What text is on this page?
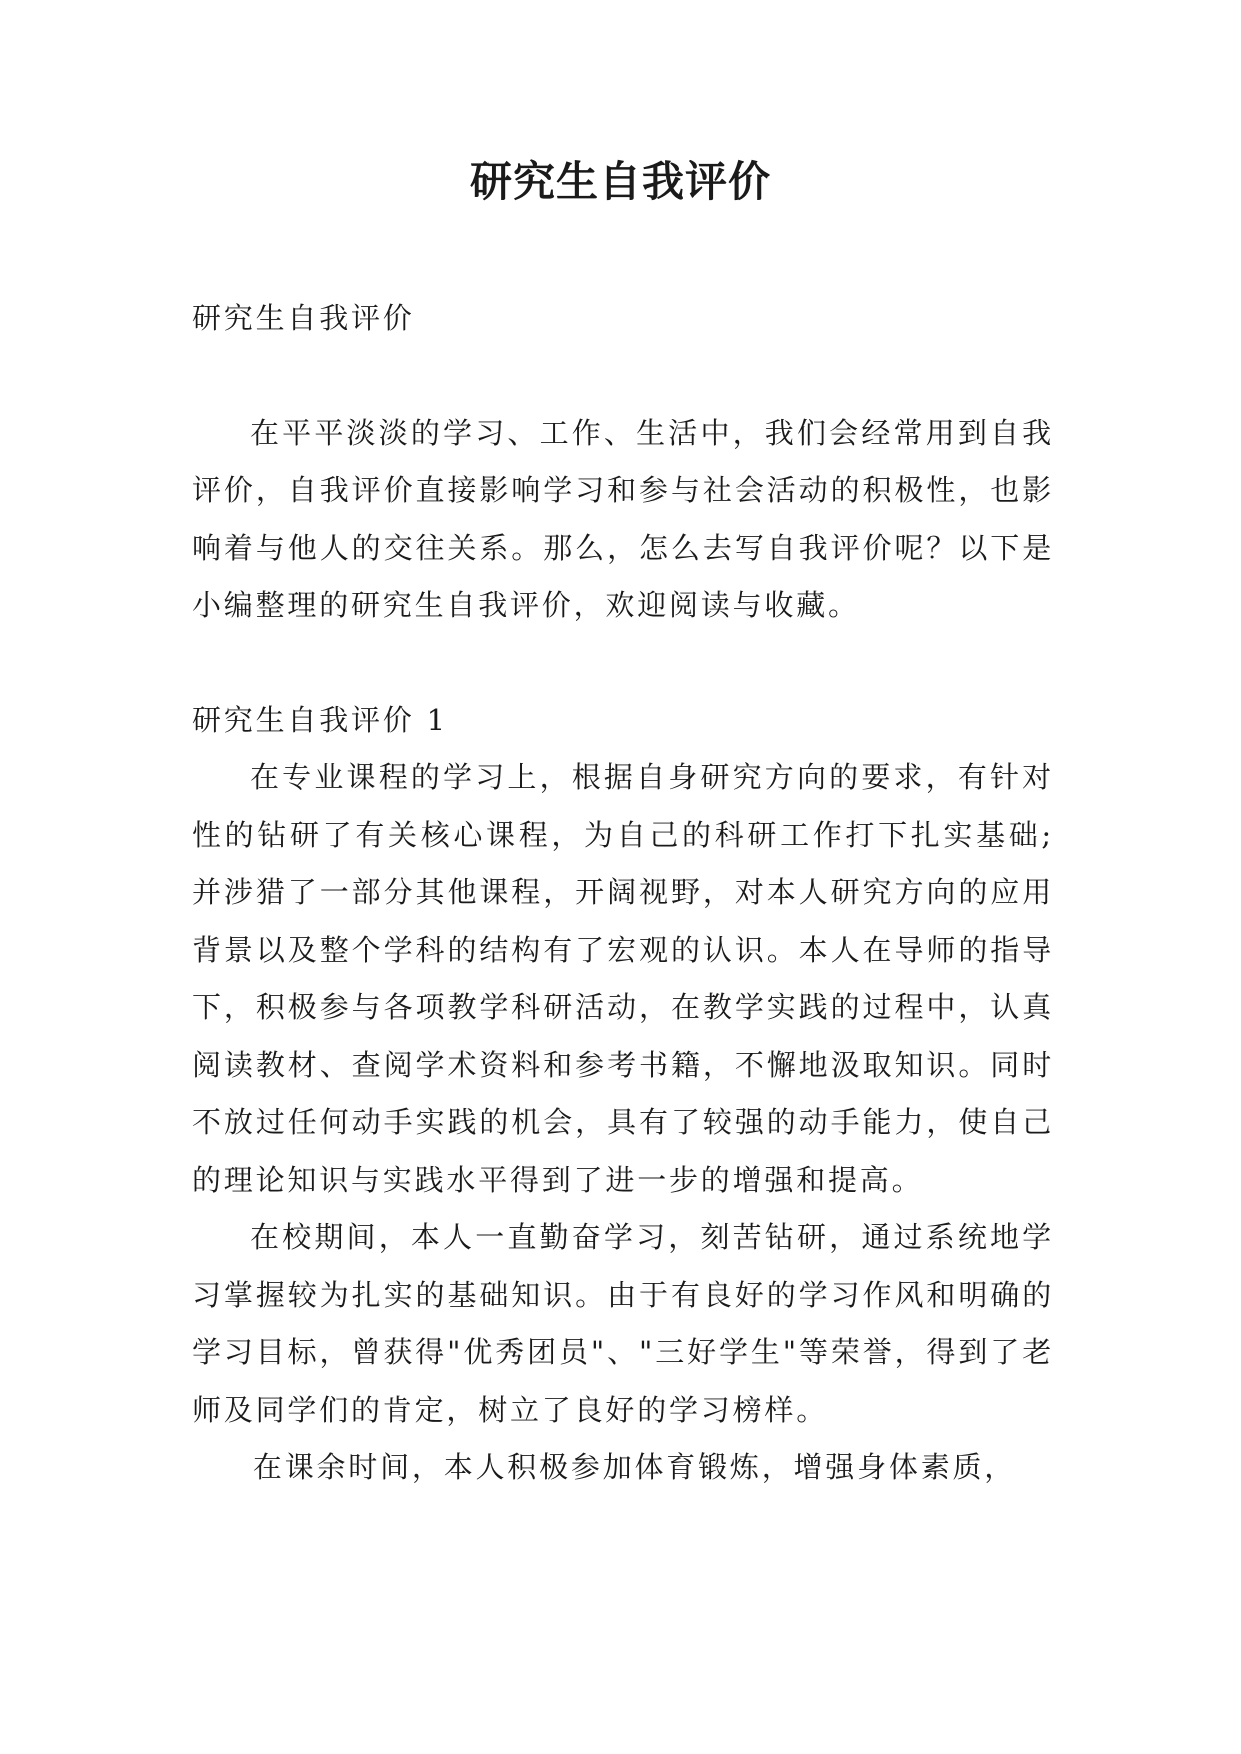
研究生自我评价

研究生自我评价

在平平淡淡的学习、工作、生活中，我们会经常用到自我评价，自我评价直接影响学习和参与社会活动的积极性，也影响着与他人的交往关系。那么，怎么去写自我评价呢？以下是小编整理的研究生自我评价，欢迎阅读与收藏。

研究生自我评价 1

在专业课程的学习上，根据自身研究方向的要求，有针对性的钻研了有关核心课程，为自己的科研工作打下扎实基础;并涉猎了一部分其他课程，开阔视野，对本人研究方向的应用背景以及整个学科的结构有了宏观的认识。本人在导师的指导下，积极参与各项教学科研活动，在教学实践的过程中，认真阅读教材、查阅学术资料和参考书籍，不懈地汲取知识。同时不放过任何动手实践的机会，具有了较强的动手能力，使自己的理论知识与实践水平得到了进一步的增强和提高。

在校期间，本人一直勤奋学习，刻苦钻研，通过系统地学习掌握较为扎实的基础知识。由于有良好的学习作风和明确的学习目标，曾获得"优秀团员"、"三好学生"等荣誉，得到了老师及同学们的肯定，树立了良好的学习榜样。

在课余时间，本人积极参加体育锻炼，增强身体素质，
